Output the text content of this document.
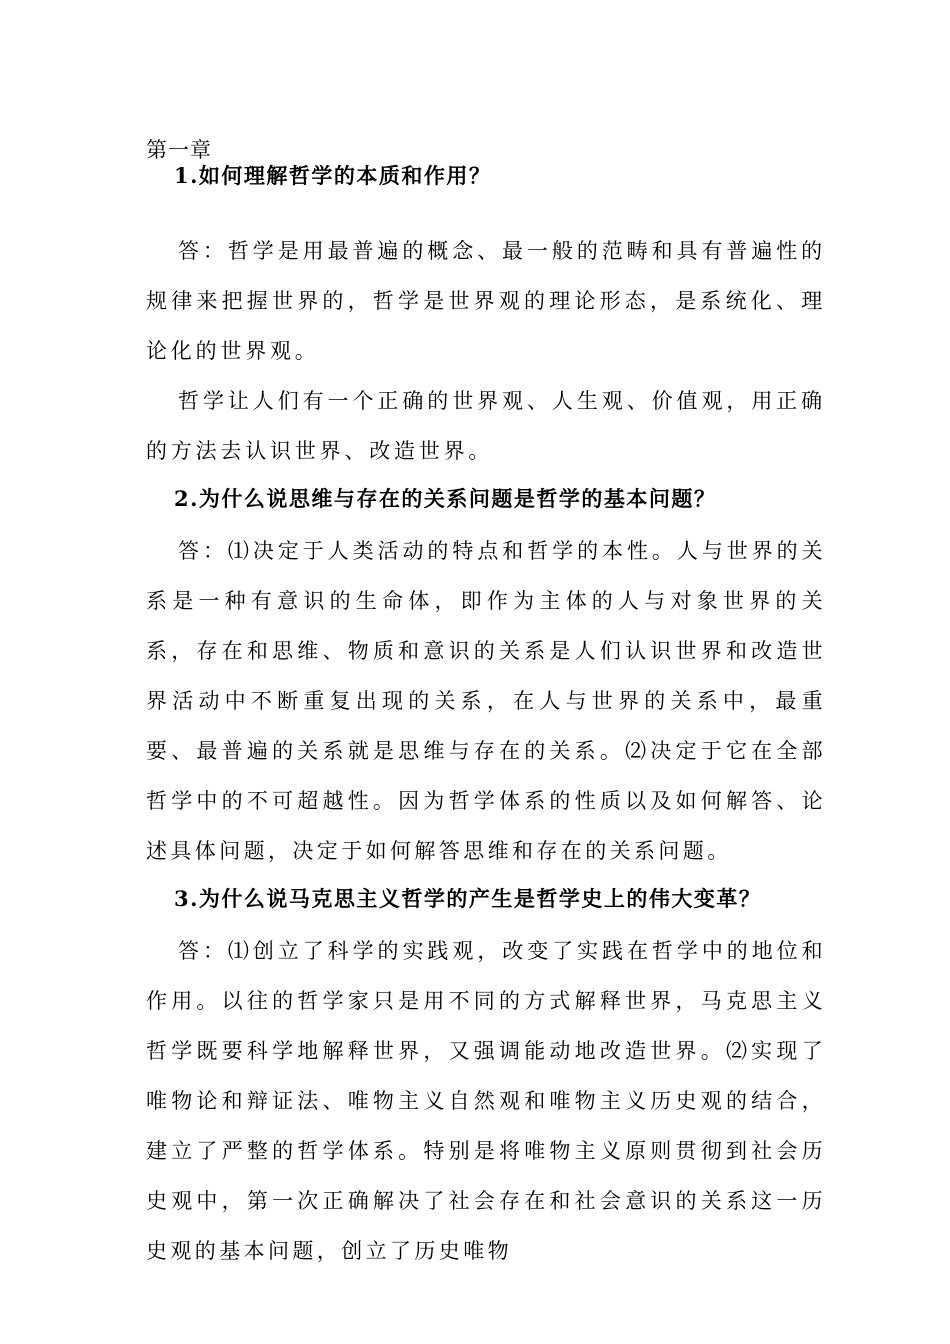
第一章
1.如何理解哲学的本质和作用？
答：哲学是用最普遍的概念、最一般的范畴和具有普遍性的规律来把握世界的，哲学是世界观的理论形态，是系统化、理论化的世界观。
哲学让人们有一个正确的世界观、人生观、价值观，用正确的方法去认识世界、改造世界。
2.为什么说思维与存在的关系问题是哲学的基本问题？
答：⑴决定于人类活动的特点和哲学的本性。人与世界的关系是一种有意识的生命体，即作为主体的人与对象世界的关系，存在和思维、物质和意识的关系是人们认识世界和改造世界活动中不断重复出现的关系，在人与世界的关系中，最重要、最普遍的关系就是思维与存在的关系。⑵决定于它在全部哲学中的不可超越性。因为哲学体系的性质以及如何解答、论述具体问题，决定于如何解答思维和存在的关系问题。
3.为什么说马克思主义哲学的产生是哲学史上的伟大变革？
答：⑴创立了科学的实践观，改变了实践在哲学中的地位和作用。以往的哲学家只是用不同的方式解释世界，马克思主义哲学既要科学地解释世界，又强调能动地改造世界。⑵实现了唯物论和辩证法、唯物主义自然观和唯物主义历史观的结合，建立了严整的哲学体系。特别是将唯物主义原则贯彻到社会历史观中，第一次正确解决了社会存在和社会意识的关系这一历史观的基本问题，创立了历史唯物
